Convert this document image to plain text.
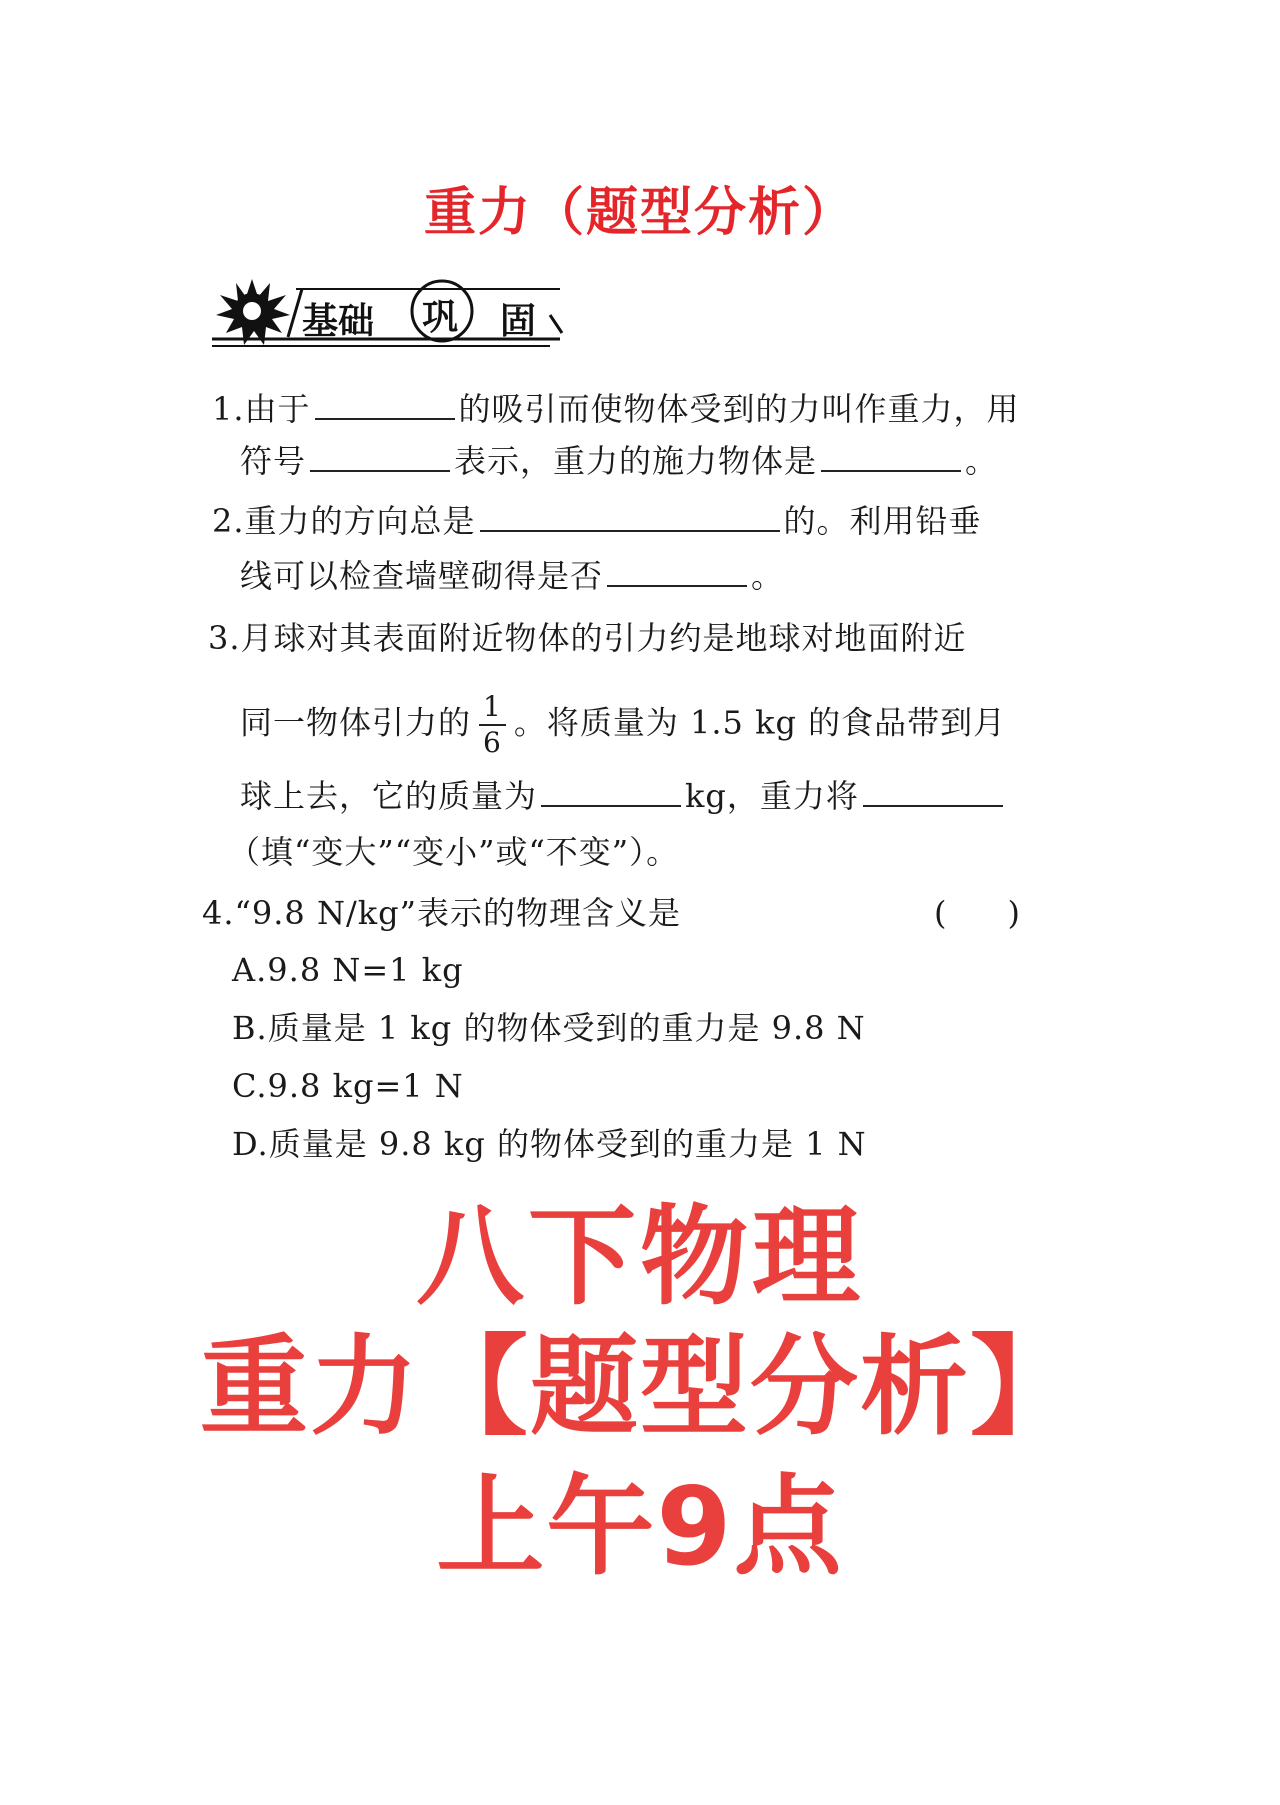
重力（题型分析）
基础 巩 固
1.由于	的吸引而使物体受到的力叫作重力，用
符号	表示，重力的施力物体是	。
2.重力的方向总是	的。利用铅垂
线可以检查墙壁砌得是否	。
3.月球对其表面附近物体的引力约是地球对地面附近
同一物体引力的 $\frac{1}{6}$ 。将质量为 1.5 kg 的食品带到月
球上去，它的质量为	kg，重力将
（填“变大”“变小”或“不变”）。
4.“9.8 N/kg”表示的物理含义是	(      )
A.9.8 N=1 kg
B.质量是 1 kg 的物体受到的重力是 9.8 N
C.9.8 kg=1 N
D.质量是 9.8 kg 的物体受到的重力是 1 N
八下物理
重力【题型分析】
上午9点
